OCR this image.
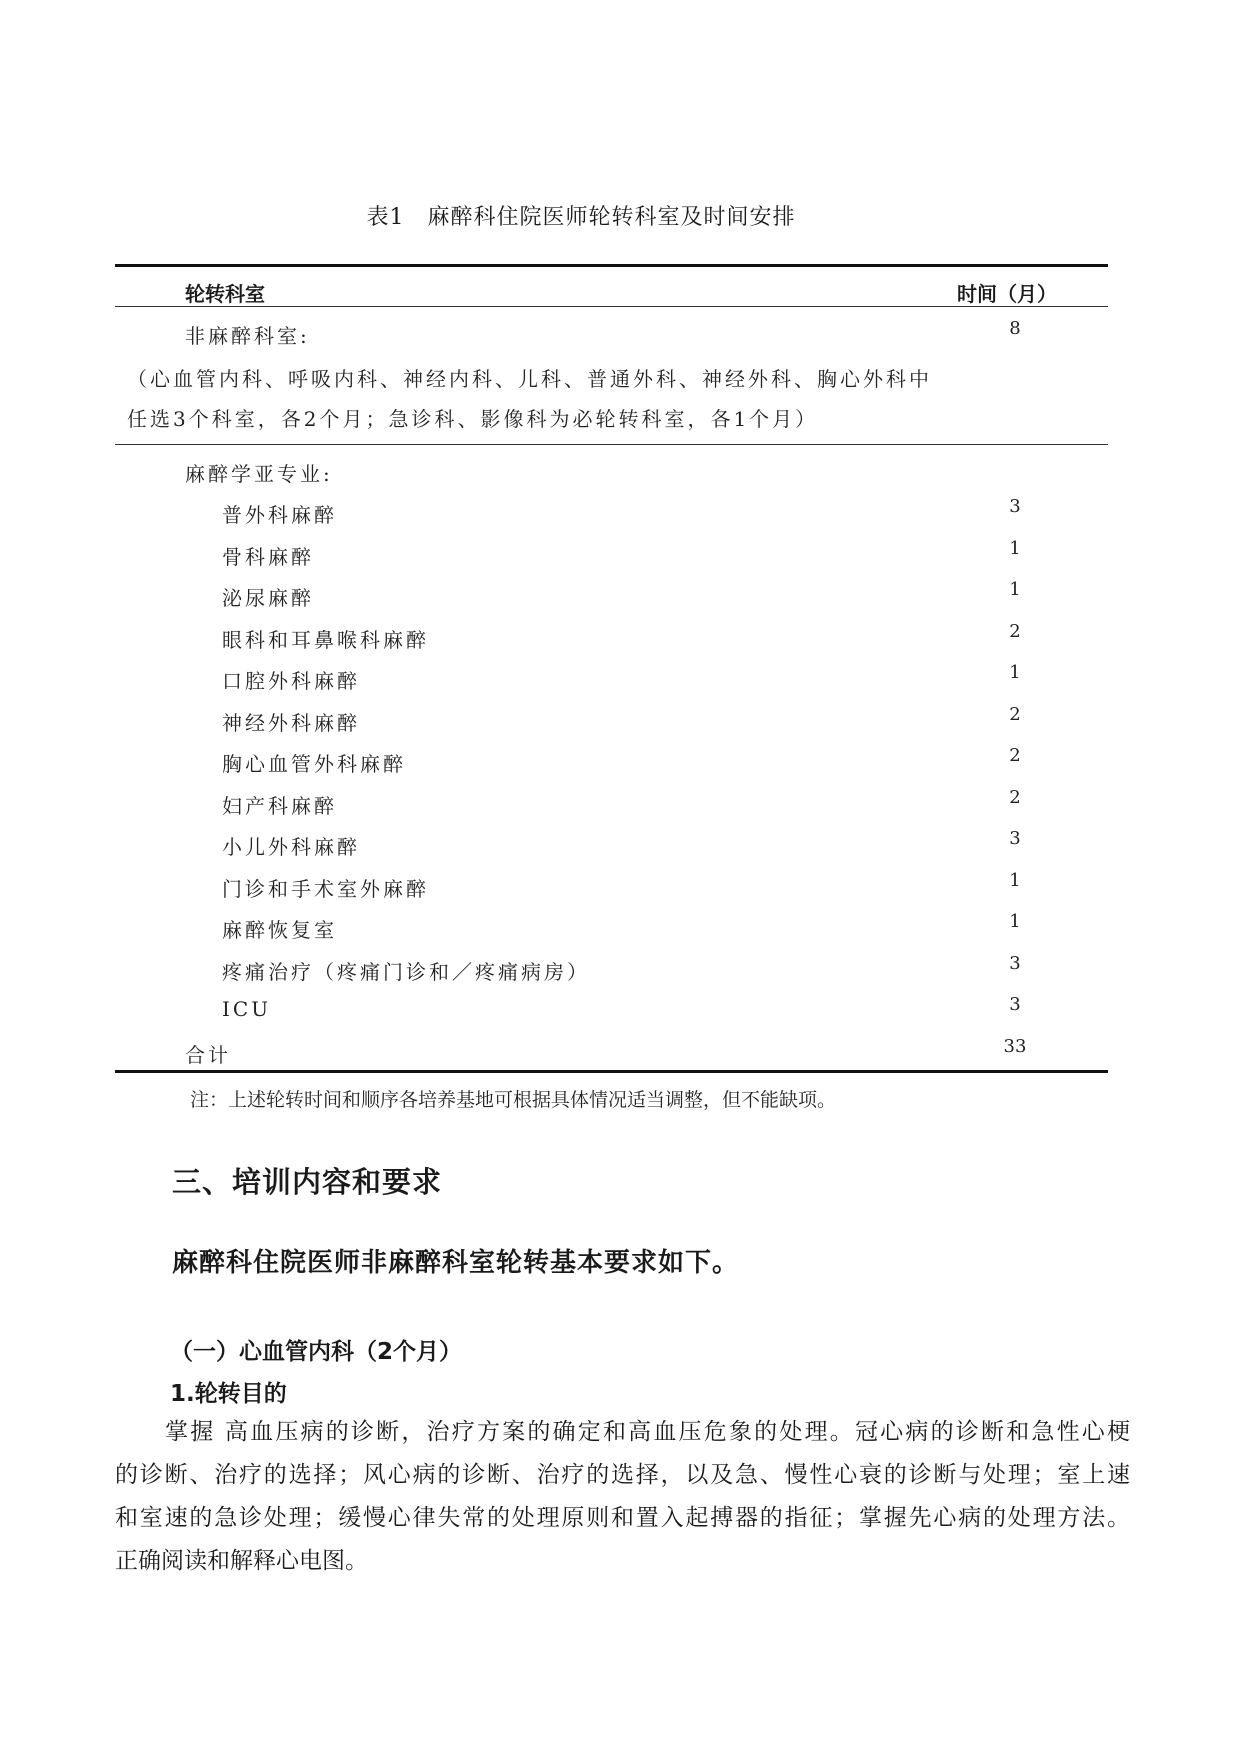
表1　麻醉科住院医师轮转科室及时间安排
轮转科室	时间（月）
非麻醉科室:	8
（心血管内科、呼吸内科、神经内科、儿科、普通外科、神经外科、胸心外科中
任选3个科室，各2个月；急诊科、影像科为必轮转科室，各1个月）
麻醉学亚专业:
普外科麻醉	3
骨科麻醉	1
泌尿麻醉	1
眼科和耳鼻喉科麻醉	2
口腔外科麻醉	1
神经外科麻醉	2
胸心血管外科麻醉	2
妇产科麻醉	2
小儿外科麻醉	3
门诊和手术室外麻醉	1
麻醉恢复室	1
疼痛治疗（疼痛门诊和／疼痛病房）	3
ICU	3
合计	33
注：上述轮转时间和顺序各培养基地可根据具体情况适当调整，但不能缺项。
三、培训内容和要求
麻醉科住院医师非麻醉科室轮转基本要求如下。
（一）心血管内科（2个月）
1.轮转目的
掌握 高血压病的诊断，治疗方案的确定和高血压危象的处理。冠心病的诊断和急性心梗
的诊断、治疗的选择；风心病的诊断、治疗的选择，以及急、慢性心衰的诊断与处理；室上速
和室速的急诊处理；缓慢心律失常的处理原则和置入起搏器的指征；掌握先心病的处理方法。
正确阅读和解释心电图。
